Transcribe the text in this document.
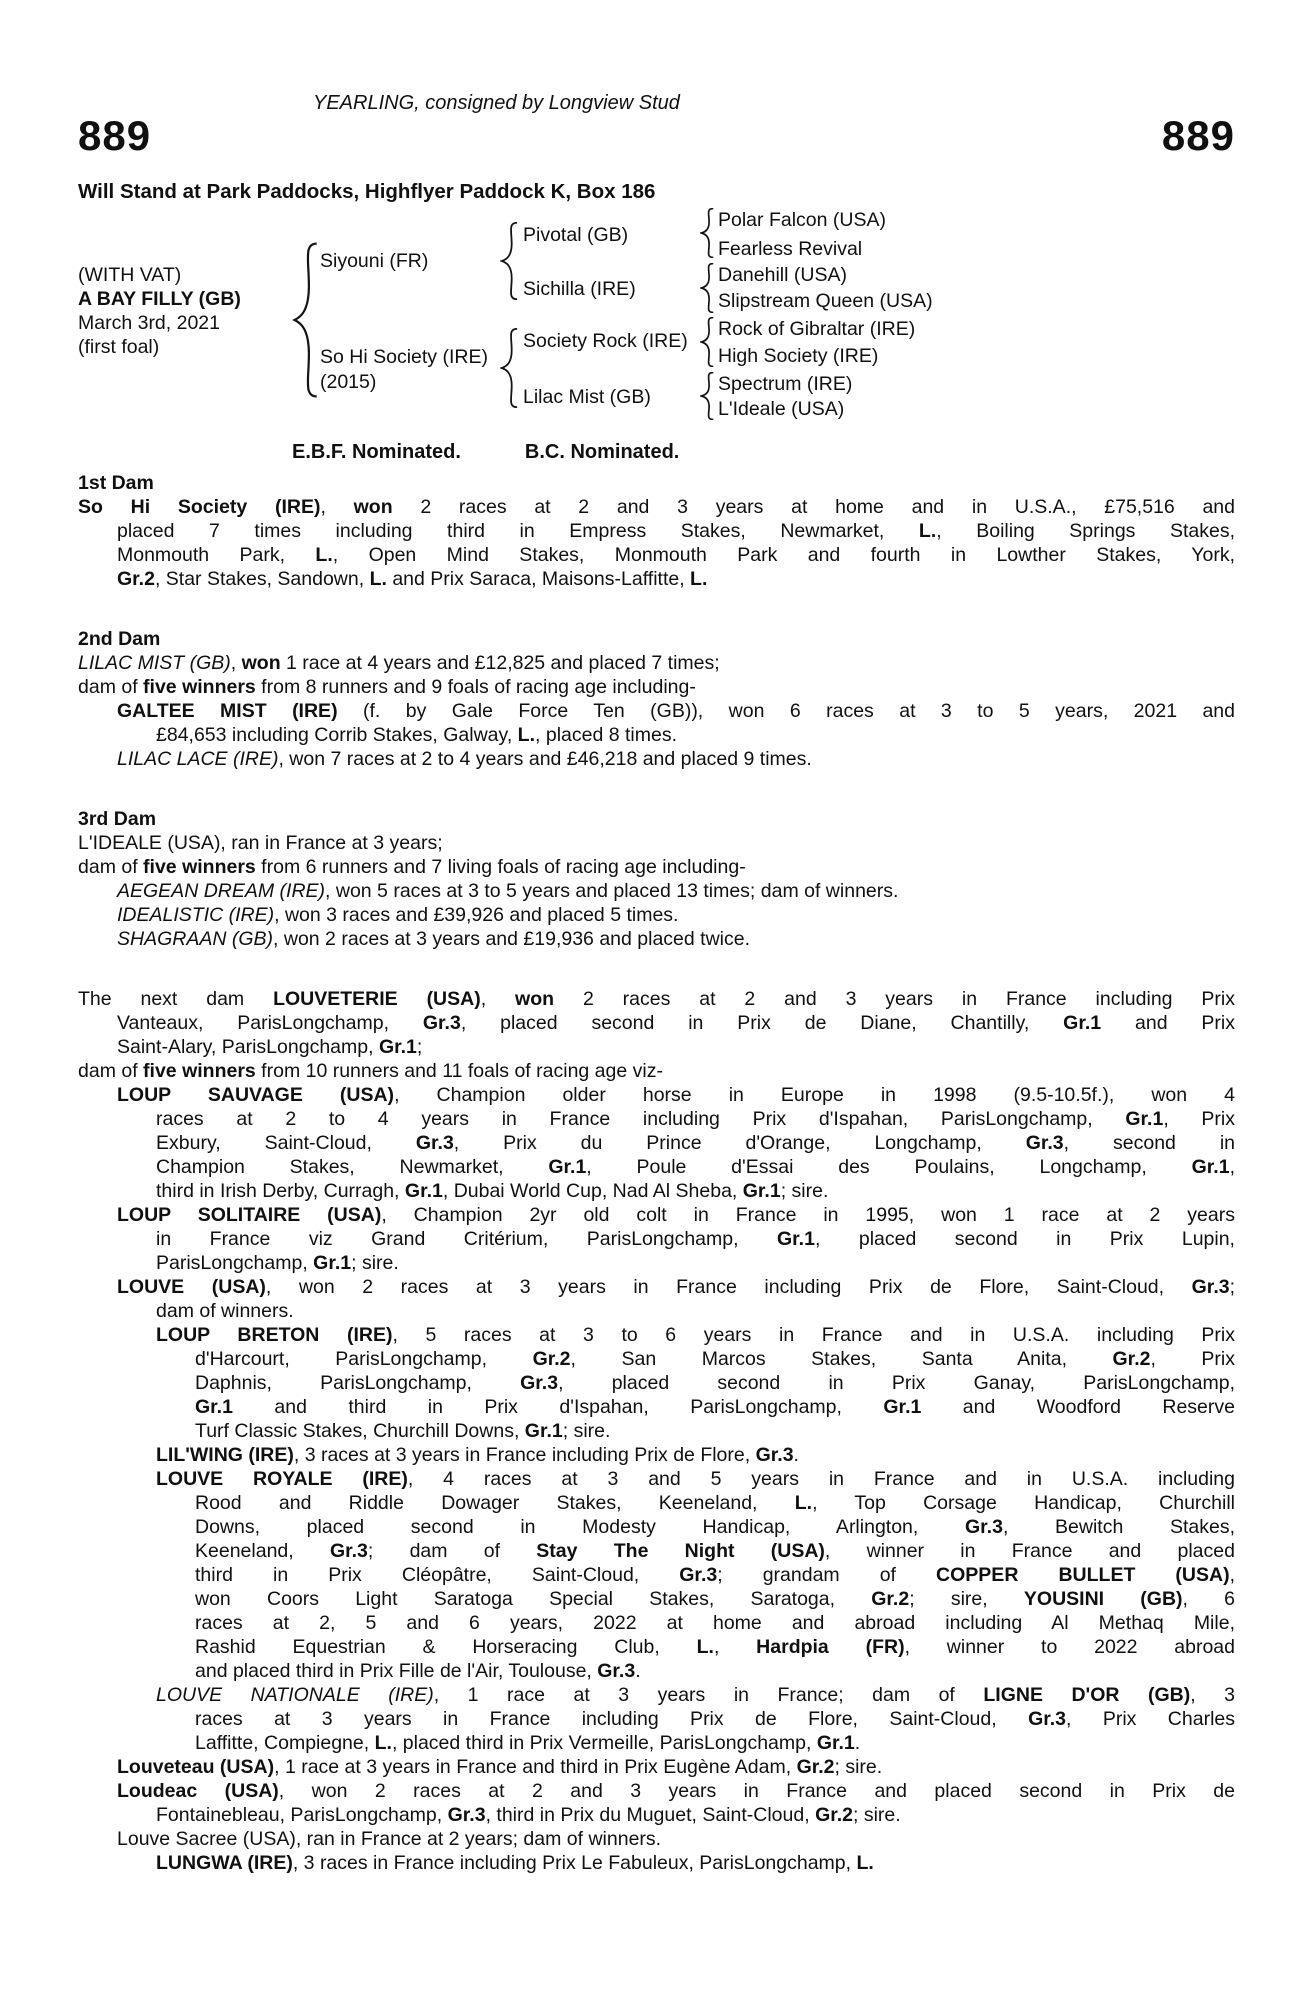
YEARLING, consigned by Longview Stud
889	889
Will Stand at Park Paddocks, Highflyer Paddock K, Box 186
(WITH VAT)
A BAY FILLY (GB)
March 3rd, 2021
(first foal)
Siyouni (FR)
So Hi Society (IRE)
(2015)
Pivotal (GB)
Sichilla (IRE)
Society Rock (IRE)
Lilac Mist (GB)
Polar Falcon (USA)
Fearless Revival
Danehill (USA)
Slipstream Queen (USA)
Rock of Gibraltar (IRE)
High Society (IRE)
Spectrum (IRE)
L'Ideale (USA)
E.B.F. Nominated.	B.C. Nominated.
1st Dam
So Hi Society (IRE), won 2 races at 2 and 3 years at home and in U.S.A., £75,516 and
placed 7 times including third in Empress Stakes, Newmarket, L., Boiling Springs Stakes,
Monmouth Park, L., Open Mind Stakes, Monmouth Park and fourth in Lowther Stakes, York,
Gr.2, Star Stakes, Sandown, L. and Prix Saraca, Maisons-Laffitte, L.
2nd Dam
LILAC MIST (GB), won 1 race at 4 years and £12,825 and placed 7 times;
dam of five winners from 8 runners and 9 foals of racing age including-
GALTEE MIST (IRE) (f. by Gale Force Ten (GB)), won 6 races at 3 to 5 years, 2021 and
£84,653 including Corrib Stakes, Galway, L., placed 8 times.
LILAC LACE (IRE), won 7 races at 2 to 4 years and £46,218 and placed 9 times.
3rd Dam
L'IDEALE (USA), ran in France at 3 years;
dam of five winners from 6 runners and 7 living foals of racing age including-
AEGEAN DREAM (IRE), won 5 races at 3 to 5 years and placed 13 times; dam of winners.
IDEALISTIC (IRE), won 3 races and £39,926 and placed 5 times.
SHAGRAAN (GB), won 2 races at 3 years and £19,936 and placed twice.
The next dam LOUVETERIE (USA), won 2 races at 2 and 3 years in France including Prix
Vanteaux, ParisLongchamp, Gr.3, placed second in Prix de Diane, Chantilly, Gr.1 and Prix
Saint-Alary, ParisLongchamp, Gr.1;
dam of five winners from 10 runners and 11 foals of racing age viz-
LOUP SAUVAGE (USA), Champion older horse in Europe in 1998 (9.5-10.5f.), won 4
races at 2 to 4 years in France including Prix d'Ispahan, ParisLongchamp, Gr.1, Prix
Exbury, Saint-Cloud, Gr.3, Prix du Prince d'Orange, Longchamp, Gr.3, second in
Champion Stakes, Newmarket, Gr.1, Poule d'Essai des Poulains, Longchamp, Gr.1,
third in Irish Derby, Curragh, Gr.1, Dubai World Cup, Nad Al Sheba, Gr.1; sire.
LOUP SOLITAIRE (USA), Champion 2yr old colt in France in 1995, won 1 race at 2 years
in France viz Grand Critérium, ParisLongchamp, Gr.1, placed second in Prix Lupin,
ParisLongchamp, Gr.1; sire.
LOUVE (USA), won 2 races at 3 years in France including Prix de Flore, Saint-Cloud, Gr.3;
dam of winners.
LOUP BRETON (IRE), 5 races at 3 to 6 years in France and in U.S.A. including Prix
d'Harcourt, ParisLongchamp, Gr.2, San Marcos Stakes, Santa Anita, Gr.2, Prix
Daphnis, ParisLongchamp, Gr.3, placed second in Prix Ganay, ParisLongchamp,
Gr.1 and third in Prix d'Ispahan, ParisLongchamp, Gr.1 and Woodford Reserve
Turf Classic Stakes, Churchill Downs, Gr.1; sire.
LIL'WING (IRE), 3 races at 3 years in France including Prix de Flore, Gr.3.
LOUVE ROYALE (IRE), 4 races at 3 and 5 years in France and in U.S.A. including
Rood and Riddle Dowager Stakes, Keeneland, L., Top Corsage Handicap, Churchill
Downs, placed second in Modesty Handicap, Arlington, Gr.3, Bewitch Stakes,
Keeneland, Gr.3; dam of Stay The Night (USA), winner in France and placed
third in Prix Cléopâtre, Saint-Cloud, Gr.3; grandam of COPPER BULLET (USA),
won Coors Light Saratoga Special Stakes, Saratoga, Gr.2; sire, YOUSINI (GB), 6
races at 2, 5 and 6 years, 2022 at home and abroad including Al Methaq Mile,
Rashid Equestrian & Horseracing Club, L., Hardpia (FR), winner to 2022 abroad
and placed third in Prix Fille de l'Air, Toulouse, Gr.3.
LOUVE NATIONALE (IRE), 1 race at 3 years in France; dam of LIGNE D'OR (GB), 3
races at 3 years in France including Prix de Flore, Saint-Cloud, Gr.3, Prix Charles
Laffitte, Compiegne, L., placed third in Prix Vermeille, ParisLongchamp, Gr.1.
Louveteau (USA), 1 race at 3 years in France and third in Prix Eugène Adam, Gr.2; sire.
Loudeac (USA), won 2 races at 2 and 3 years in France and placed second in Prix de
Fontainebleau, ParisLongchamp, Gr.3, third in Prix du Muguet, Saint-Cloud, Gr.2; sire.
Louve Sacree (USA), ran in France at 2 years; dam of winners.
LUNGWA (IRE), 3 races in France including Prix Le Fabuleux, ParisLongchamp, L.
